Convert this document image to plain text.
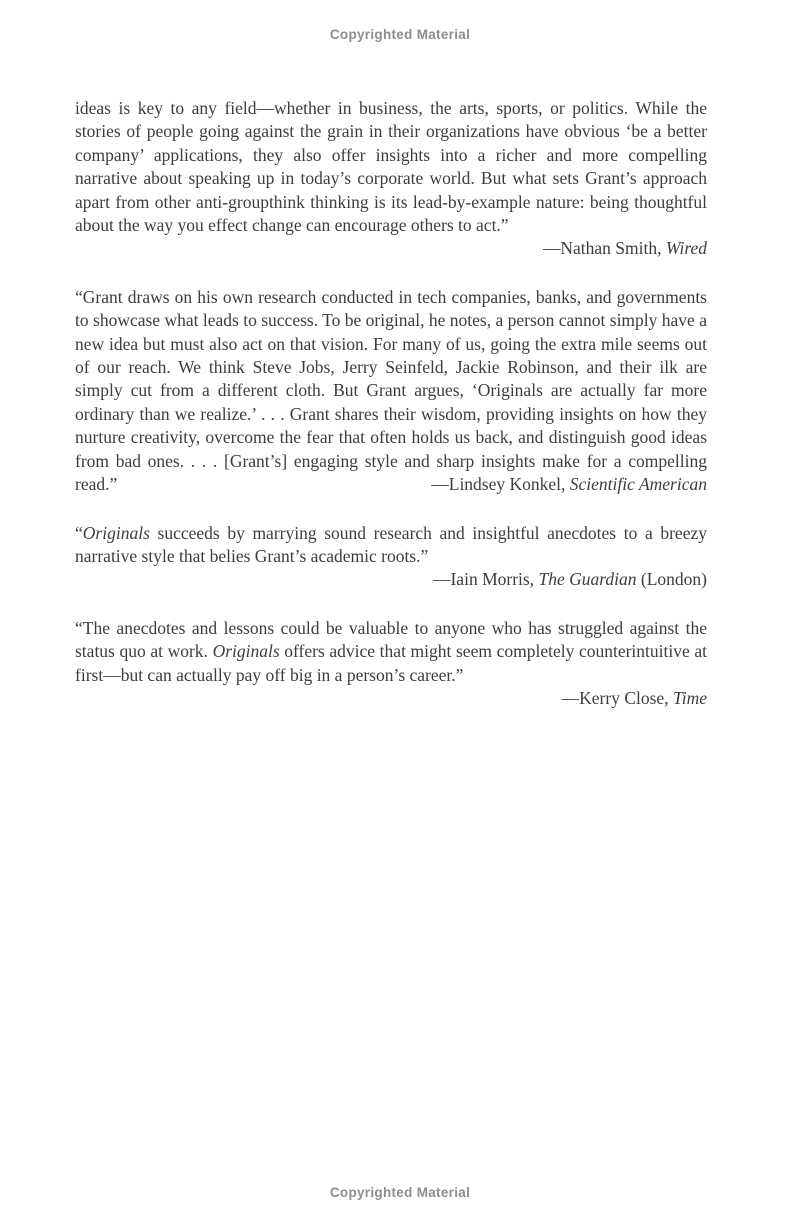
Copyrighted Material

ideas is key to any field—whether in business, the arts, sports, or politics. While the stories of people going against the grain in their organizations have obvious ‘be a better company’ applications, they also offer insights into a richer and more compelling narrative about speaking up in today’s corporate world. But what sets Grant’s approach apart from other anti-groupthink thinking is its lead-by-example nature: being thoughtful about the way you effect change can encourage others to act.”

—Nathan Smith, Wired

“Grant draws on his own research conducted in tech companies, banks, and governments to showcase what leads to success. To be original, he notes, a person cannot simply have a new idea but must also act on that vision. For many of us, going the extra mile seems out of our reach. We think Steve Jobs, Jerry Seinfeld, Jackie Robinson, and their ilk are simply cut from a different cloth. But Grant argues, ‘Originals are actually far more ordinary than we realize.’ . . . Grant shares their wisdom, providing insights on how they nurture creativity, overcome the fear that often holds us back, and distinguish good ideas from bad ones. . . . [Grant’s] engaging style and sharp insights make for a compelling read.”	—Lindsey Konkel, Scientific American

“Originals succeeds by marrying sound research and insightful anecdotes to a breezy narrative style that belies Grant’s academic roots.”

—Iain Morris, The Guardian (London)

“The anecdotes and lessons could be valuable to anyone who has struggled against the status quo at work. Originals offers advice that might seem completely counterintuitive at first—but can actually pay off big in a person’s career.”

—Kerry Close, Time
Copyrighted Material
